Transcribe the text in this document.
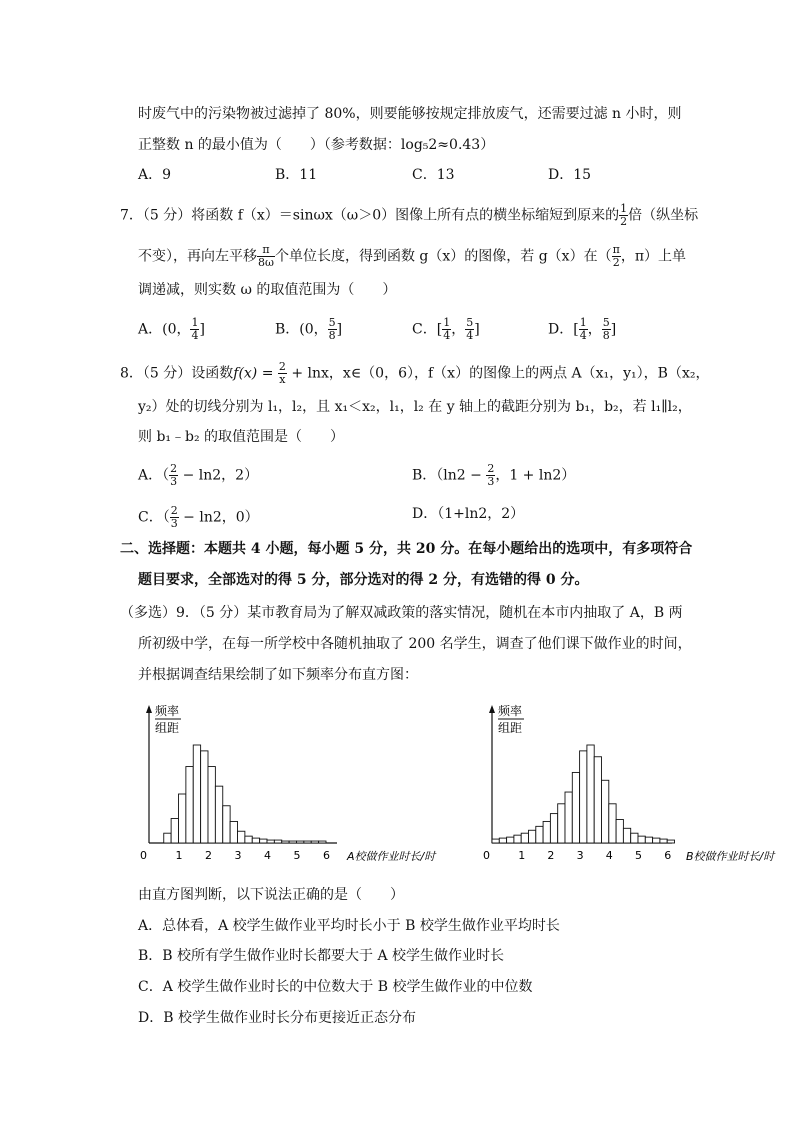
时废气中的污染物被过滤掉了 80%，则要能够按规定排放废气，还需要过滤 n 小时，则
正整数 n 的最小值为（　　）（参考数据：log₅2≈0.43）
A．9	B．11	C．13	D．15
7．（5 分）将函数 f（x）＝sinωx（ω＞0）图像上所有点的横坐标缩短到原来的 $\frac{1}{2}$ 倍（纵坐标
不变），再向左平移 $\frac{\pi}{8\omega}$ 个单位长度，得到函数 g（x）的图像，若 g（x）在（ $\frac{\pi}{2}$ ，π）上单
调递减，则实数 ω 的取值范围为（　　）
A．(0， $\frac{1}{4}$ ]	B．(0， $\frac{5}{8}$ ]	C．[ $\frac{1}{4}$ ， $\frac{5}{4}$ ]	D．[ $\frac{1}{4}$ ， $\frac{5}{8}$ ]
8．（5 分）设函数$f(x) = \frac{2}{x} + \ln x$，x∈（0，6），f（x）的图像上的两点 A（x₁，y₁），B（x₂，
y₂）处的切线分别为 l₁，l₂，且 x₁＜x₂，l₁，l₂ 在 y 轴上的截距分别为 b₁，b₂，若 l₁∥l₂，
则 b₁﹣b₂ 的取值范围是（　　）
A．（ $\frac{2}{3} - \ln 2$，2）	B．（$\ln 2 - \frac{2}{3}$ ，1 + ln2）
C．（ $\frac{2}{3} - \ln 2$，0）	D．（1+ln2，2）
二、选择题：本题共 4 小题，每小题 5 分，共 20 分。在每小题给出的选项中，有多项符合
题目要求，全部选对的得 5 分，部分选对的得 2 分，有选错的得 0 分。
（多选）9．（5 分）某市教育局为了解双减政策的落实情况，随机在本市内抽取了 A，B 两
所初级中学，在每一所学校中各随机抽取了 200 名学生，调查了他们课下做作业的时间，
并根据调查结果绘制了如下频率分布直方图：
频率
组距
0	1 2 3 4 5 6 A校做作业时长/时
频率
组距
0	1 2 3 4 5 6 B校做作业时长/时
由直方图判断，以下说法正确的是（　　）
A．总体看，A 校学生做作业平均时长小于 B 校学生做作业平均时长
B．B 校所有学生做作业时长都要大于 A 校学生做作业时长
C．A 校学生做作业时长的中位数大于 B 校学生做作业的中位数
D．B 校学生做作业时长分布更接近正态分布
